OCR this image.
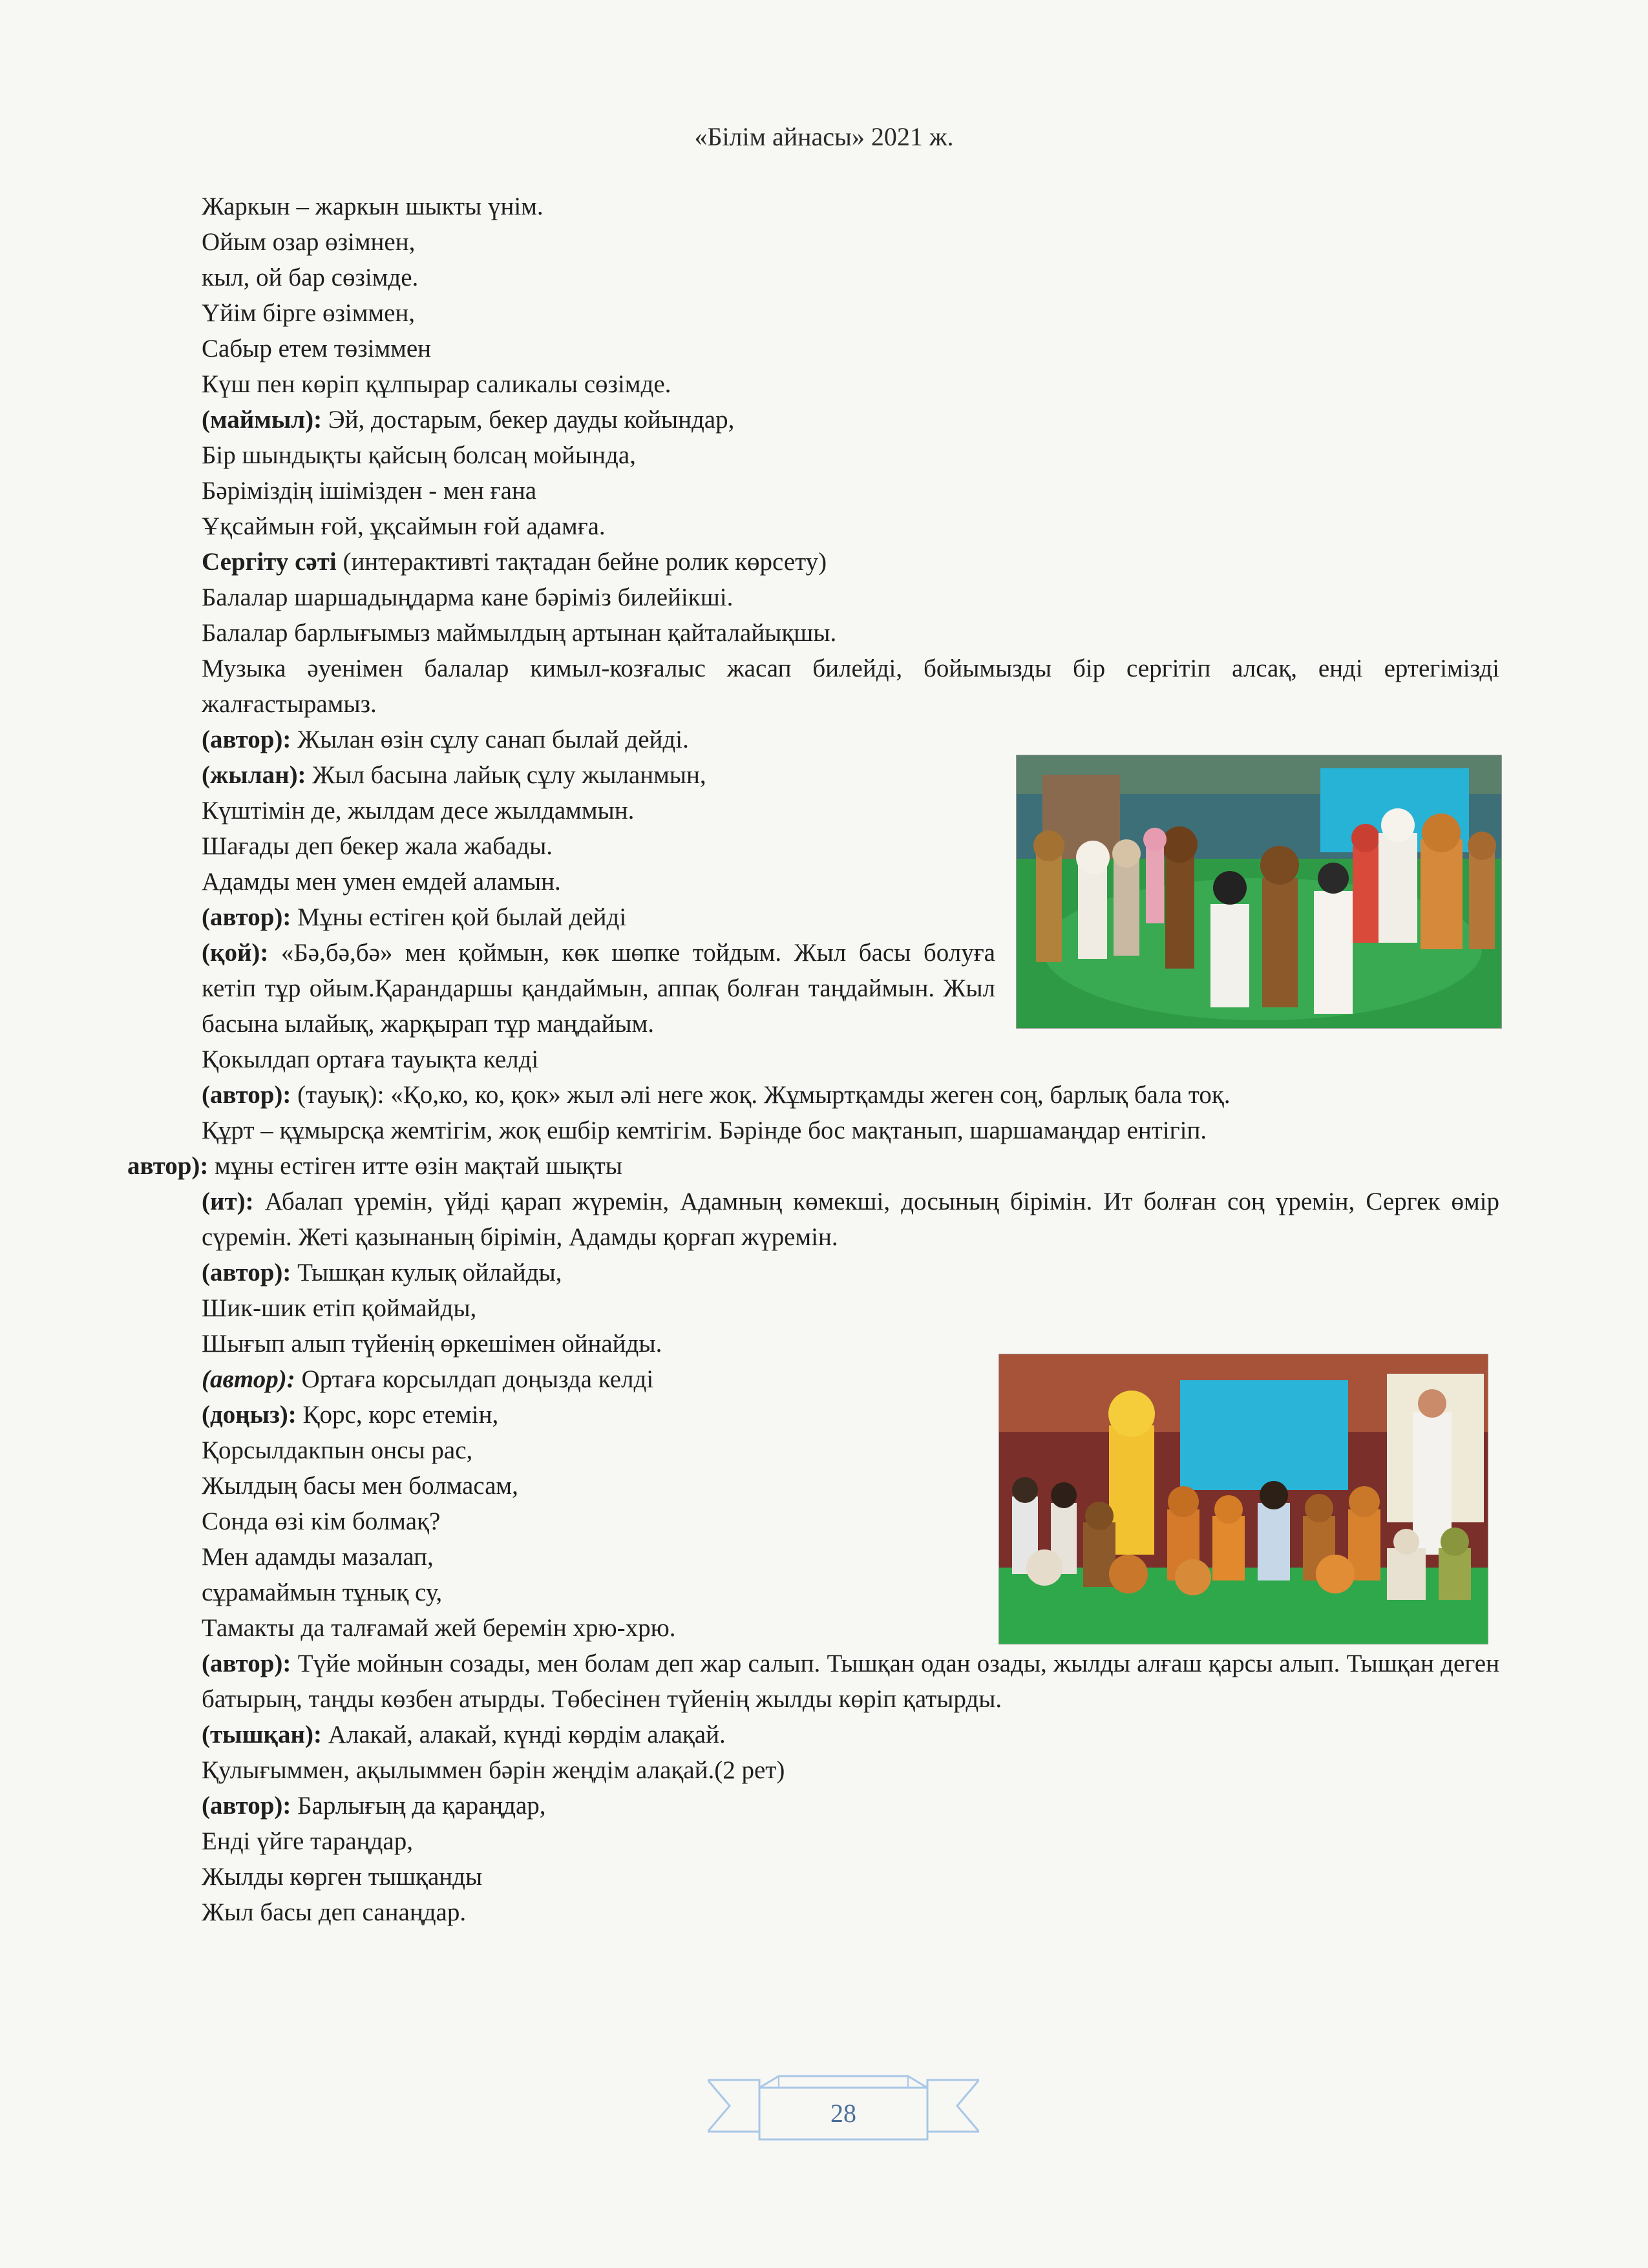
«Білім айнасы» 2021 ж.

Жаркын – жаркын шыкты үнім.

Ойым озар өзімнен,

кыл, ой бар сөзімде.

Үйім бірге өзіммен,

Сабыр етем төзіммен

Күш пен көріп құлпырар саликалы сөзімде.

(маймыл): Эй, достарым, бекер дауды койындар,

Бір шындықты қайсың болсаң мойында,

Бәріміздің ішімізден - мен ғана

Ұқсаймын ғой, ұқсаймын ғой адамға.

Сергіту сәті (интерактивті тақтадан бейне ролик көрсету)

Балалар шаршадыңдарма кане бәріміз билейікші.

Балалар барлығымыз маймылдың артынан қайталайықшы.

Музыка әуенімен балалар кимыл-козғалыс жасап билейді, бойымызды бір сергітіп алсақ, енді ертегімізді жалғастырамыз.

(автор): Жылан өзін сұлу санап былай дейді.

(жылан): Жыл басына лайық сұлу жыланмын,

Күштімін де, жылдам десе жылдаммын.

Шағады деп бекер жала жабады.

Адамды мен умен емдей аламын.

(автор): Мұны естіген қой былай дейді

(қой): «Бә,бә,бә» мен қоймын, көк шөпке тойдым. Жыл басы болуға кетіп тұр ойым.Қарандаршы қандаймын, аппақ болған таңдаймын. Жыл басына ылайық, жарқырап тұр маңдайым.

Қокылдап ортаға тауықта келді

(автор): (тауық): «Қо,ко, ко, қок» жыл әлі неге жоқ. Жұмыртқамды жеген соң, барлық бала тоқ.

Құрт – құмырсқа жемтігім, жоқ ешбір кемтігім. Бәрінде бос мақтанып, шаршамаңдар ентігіп.

автор): мұны естіген итте өзін мақтай шықты

(ит): Абалап үремін, үйді қарап жүремін, Адамның көмекші, досының бірімін. Ит болған соң үремін, Сергек өмір сүремін. Жеті қазынаның бірімін, Адамды қорғап жүремін.

(автор): Тышқан кулық ойлайды,

Шик-шик етіп қоймайды,

Шығып алып түйенің өркешімен ойнайды.

(автор): Ортаға корсылдап доңызда келді

(доңыз): Қорс, корс етемін,

Қорсылдакпын онсы рас,

Жылдың басы мен болмасам,

Сонда өзі кім болмақ?

Мен адамды мазалап,

сұрамаймын тұнық су,

Тамакты да талғамай жей беремін хрю-хрю.

(автор): Түйе мойнын созады, мен болам деп жар салып. Тышқан одан озады, жылды алғаш қарсы алып. Тышқан деген батырың, таңды көзбен атырды. Төбесінен түйенің жылды көріп қатырды.

(тышқан): Алакай, алакай, күнді көрдім алақай.

Қулығыммен, ақылыммен бәрін жеңдім алақай.(2 рет)

(автор): Барлығың да қараңдар,

Енді үйге тараңдар,

Жылды көрген тышқанды

Жыл басы деп санаңдар.

28
